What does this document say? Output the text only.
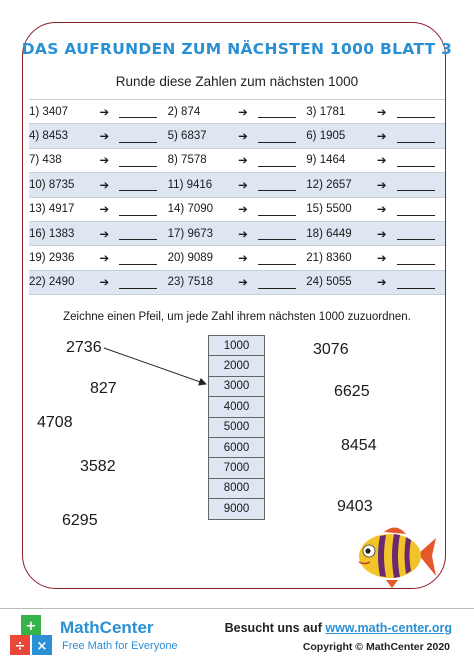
DAS AUFRUNDEN ZUM NÄCHSTEN 1000 BLATT 3
Runde diese Zahlen zum nächsten 1000
1) 3407	➔		2) 874	➔		3) 1781	➔	
4) 8453	➔		5) 6837	➔		6) 1905	➔	
7) 438	➔		8) 7578	➔		9) 1464	➔	
10) 8735	➔		11) 9416	➔		12) 2657	➔	
13) 4917	➔		14) 7090	➔		15) 5500	➔	
16) 1383	➔		17) 9673	➔		18) 6449	➔	
19) 2936	➔		20) 9089	➔		21) 8360	➔	
22) 2490	➔		23) 7518	➔		24) 5055	➔	
Zeichne einen Pfeil, um jede Zahl ihrem nächsten 1000 zuzuordnen.
2736
827
4708
3582
6295
3076
6625
8454
9403
1000
2000
3000
4000
5000
6000
7000
8000
9000
+
÷ ×
MathCenter
Free Math for Everyone
Besucht uns auf www.math-center.org
Copyright © MathCenter 2020
